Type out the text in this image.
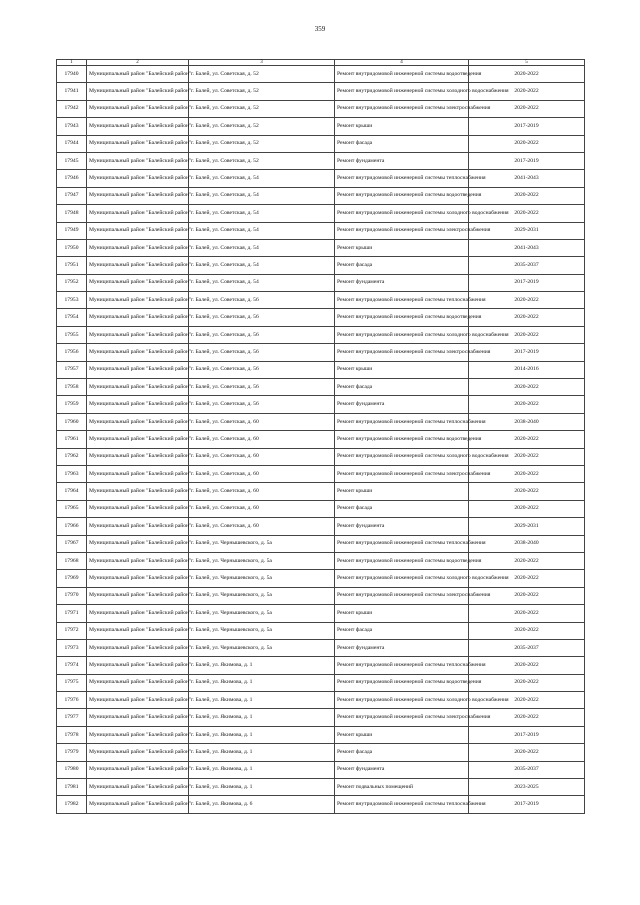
359
1	2	3	4	5
17940	Муниципальный район "Балейский район"	г. Балей, ул. Советская, д. 52	Ремонт внутридомовой инженерной системы водоотведения	2020-2022
17941	Муниципальный район "Балейский район"	г. Балей, ул. Советская, д. 52	Ремонт внутридомовой инженерной системы холодного водоснабжения	2020-2022
17942	Муниципальный район "Балейский район"	г. Балей, ул. Советская, д. 52	Ремонт внутридомовой инженерной системы электроснабжения	2020-2022
17943	Муниципальный район "Балейский район"	г. Балей, ул. Советская, д. 52	Ремонт крыши	2017-2019
17944	Муниципальный район "Балейский район"	г. Балей, ул. Советская, д. 52	Ремонт фасада	2020-2022
17945	Муниципальный район "Балейский район"	г. Балей, ул. Советская, д. 52	Ремонт фундамента	2017-2019
17946	Муниципальный район "Балейский район"	г. Балей, ул. Советская, д. 54	Ремонт внутридомовой инженерной системы теплоснабжения	2041-2043
17947	Муниципальный район "Балейский район"	г. Балей, ул. Советская, д. 54	Ремонт внутридомовой инженерной системы водоотведения	2020-2022
17948	Муниципальный район "Балейский район"	г. Балей, ул. Советская, д. 54	Ремонт внутридомовой инженерной системы холодного водоснабжения	2020-2022
17949	Муниципальный район "Балейский район"	г. Балей, ул. Советская, д. 54	Ремонт внутридомовой инженерной системы электроснабжения	2029-2031
17950	Муниципальный район "Балейский район"	г. Балей, ул. Советская, д. 54	Ремонт крыши	2041-2043
17951	Муниципальный район "Балейский район"	г. Балей, ул. Советская, д. 54	Ремонт фасада	2035-2037
17952	Муниципальный район "Балейский район"	г. Балей, ул. Советская, д. 54	Ремонт фундамента	2017-2019
17953	Муниципальный район "Балейский район"	г. Балей, ул. Советская, д. 56	Ремонт внутридомовой инженерной системы теплоснабжения	2020-2022
17954	Муниципальный район "Балейский район"	г. Балей, ул. Советская, д. 56	Ремонт внутридомовой инженерной системы водоотведения	2020-2022
17955	Муниципальный район "Балейский район"	г. Балей, ул. Советская, д. 56	Ремонт внутридомовой инженерной системы холодного водоснабжения	2020-2022
17956	Муниципальный район "Балейский район"	г. Балей, ул. Советская, д. 56	Ремонт внутридомовой инженерной системы электроснабжения	2017-2019
17957	Муниципальный район "Балейский район"	г. Балей, ул. Советская, д. 56	Ремонт крыши	2014-2016
17958	Муниципальный район "Балейский район"	г. Балей, ул. Советская, д. 56	Ремонт фасада	2020-2022
17959	Муниципальный район "Балейский район"	г. Балей, ул. Советская, д. 56	Ремонт фундамента	2020-2022
17960	Муниципальный район "Балейский район"	г. Балей, ул. Советская, д. 60	Ремонт внутридомовой инженерной системы теплоснабжения	2038-2040
17961	Муниципальный район "Балейский район"	г. Балей, ул. Советская, д. 60	Ремонт внутридомовой инженерной системы водоотведения	2020-2022
17962	Муниципальный район "Балейский район"	г. Балей, ул. Советская, д. 60	Ремонт внутридомовой инженерной системы холодного водоснабжения	2020-2022
17963	Муниципальный район "Балейский район"	г. Балей, ул. Советская, д. 60	Ремонт внутридомовой инженерной системы электроснабжения	2020-2022
17964	Муниципальный район "Балейский район"	г. Балей, ул. Советская, д. 60	Ремонт крыши	2020-2022
17965	Муниципальный район "Балейский район"	г. Балей, ул. Советская, д. 60	Ремонт фасада	2020-2022
17966	Муниципальный район "Балейский район"	г. Балей, ул. Советская, д. 60	Ремонт фундамента	2029-2031
17967	Муниципальный район "Балейский район"	г. Балей, ул. Чернышевского, д. 5а	Ремонт внутридомовой инженерной системы теплоснабжения	2038-2040
17968	Муниципальный район "Балейский район"	г. Балей, ул. Чернышевского, д. 5а	Ремонт внутридомовой инженерной системы водоотведения	2020-2022
17969	Муниципальный район "Балейский район"	г. Балей, ул. Чернышевского, д. 5а	Ремонт внутридомовой инженерной системы холодного водоснабжения	2020-2022
17970	Муниципальный район "Балейский район"	г. Балей, ул. Чернышевского, д. 5а	Ремонт внутридомовой инженерной системы электроснабжения	2020-2022
17971	Муниципальный район "Балейский район"	г. Балей, ул. Чернышевского, д. 5а	Ремонт крыши	2020-2022
17972	Муниципальный район "Балейский район"	г. Балей, ул. Чернышевского, д. 5а	Ремонт фасада	2020-2022
17973	Муниципальный район "Балейский район"	г. Балей, ул. Чернышевского, д. 5а	Ремонт фундамента	2035-2037
17974	Муниципальный район "Балейский район"	г. Балей, ул. Якимова, д. 1	Ремонт внутридомовой инженерной системы теплоснабжения	2020-2022
17975	Муниципальный район "Балейский район"	г. Балей, ул. Якимова, д. 1	Ремонт внутридомовой инженерной системы водоотведения	2020-2022
17976	Муниципальный район "Балейский район"	г. Балей, ул. Якимова, д. 1	Ремонт внутридомовой инженерной системы холодного водоснабжения	2020-2022
17977	Муниципальный район "Балейский район"	г. Балей, ул. Якимова, д. 1	Ремонт внутридомовой инженерной системы электроснабжения	2020-2022
17978	Муниципальный район "Балейский район"	г. Балей, ул. Якимова, д. 1	Ремонт крыши	2017-2019
17979	Муниципальный район "Балейский район"	г. Балей, ул. Якимова, д. 1	Ремонт фасада	2020-2022
17980	Муниципальный район "Балейский район"	г. Балей, ул. Якимова, д. 1	Ремонт фундамента	2035-2037
17981	Муниципальный район "Балейский район"	г. Балей, ул. Якимова, д. 1	Ремонт подвальных помещений	2023-2025
17982	Муниципальный район "Балейский район"	г. Балей, ул. Якимова, д. 6	Ремонт внутридомовой инженерной системы теплоснабжения	2017-2019
